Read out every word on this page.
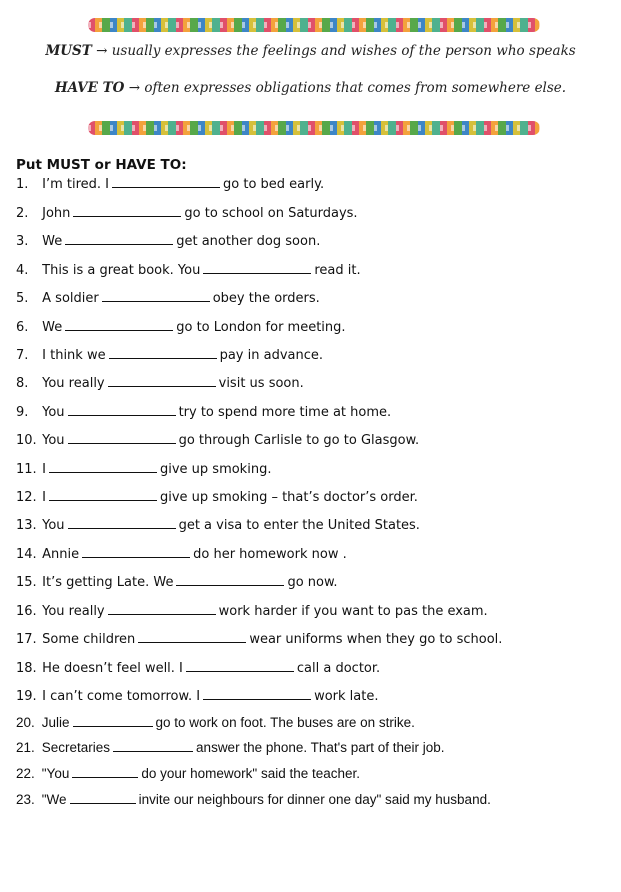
MUST → usually expresses the feelings and wishes of the person who speaks
HAVE TO → often expresses obligations that comes from somewhere else.
Put MUST or HAVE TO:
1. I’m tired. I	go to bed early.
2. John	go to school on Saturdays.
3. We	get another dog soon.
4. This is a great book. You	read it.
5. A soldier	obey the orders.
6. We	go to London for meeting.
7. I think we	pay in advance.
8. You really	visit us soon.
9. You	try to spend more time at home.
10. You	go through Carlisle to go to Glasgow.
11. I	give up smoking.
12. I	give up smoking – that’s doctor’s order.
13. You	get a visa to enter the United States.
14. Annie	do her homework now .
15. It’s getting Late. We	go now.
16. You really	work harder if you want to pas the exam.
17. Some children	wear uniforms when they go to school.
18. He doesn’t feel well. I	call a doctor.
19. I can’t come tomorrow. I	work late.
20. Julie	go to work on foot. The buses are on strike.
21. Secretaries	answer the phone. That's part of their job.
22. "You	do your homework" said the teacher.
23. "We	invite our neighbours for dinner one day" said my husband.
